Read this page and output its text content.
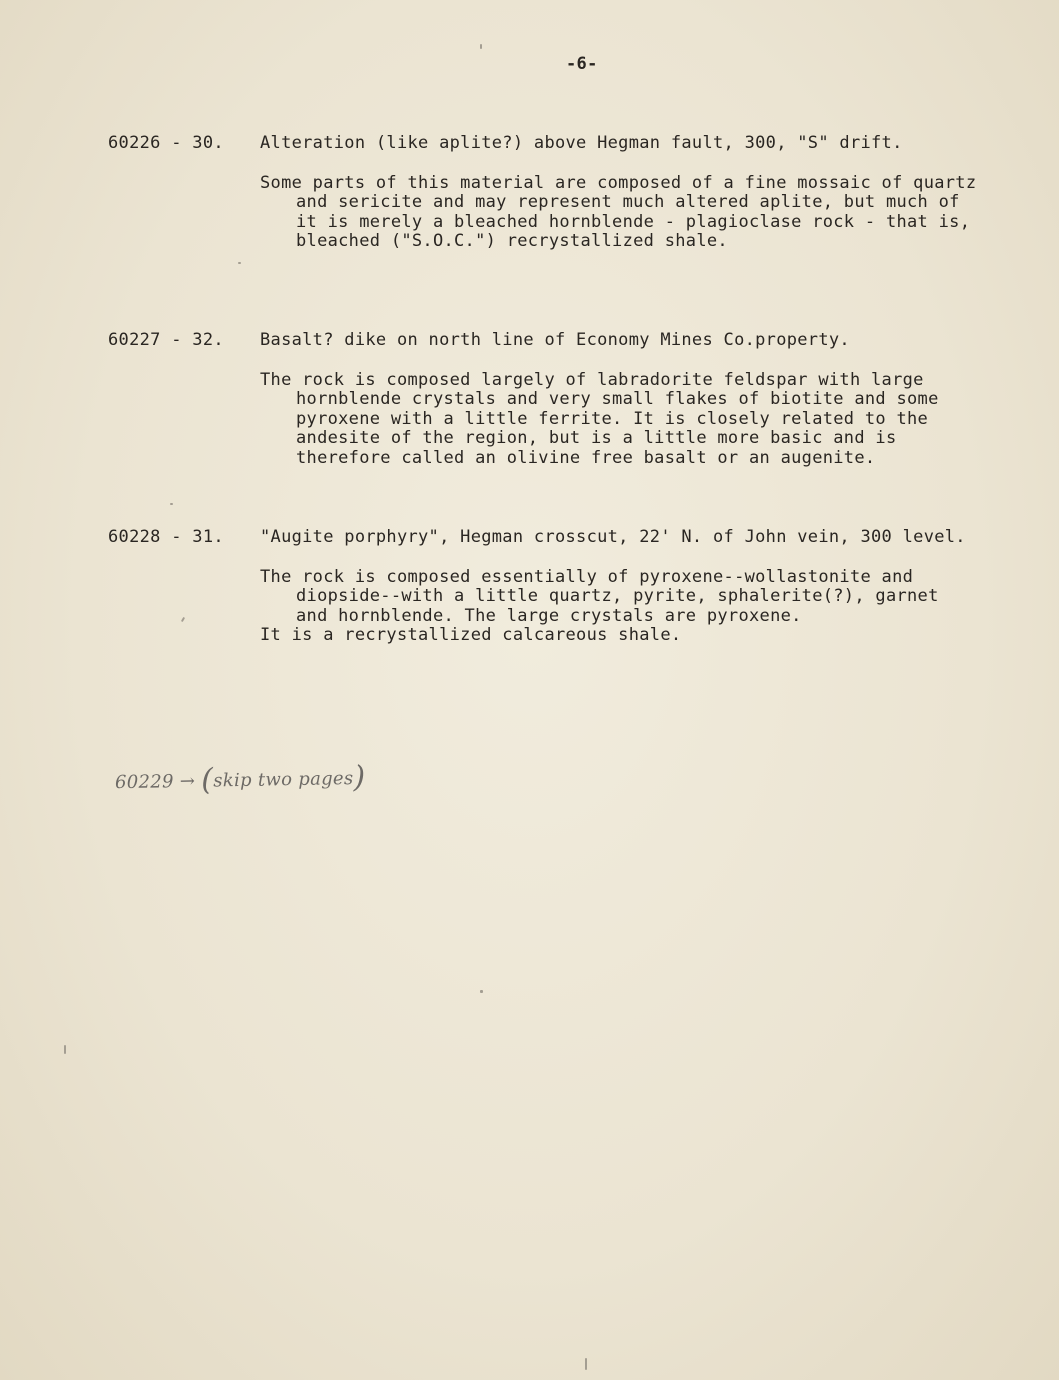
-6-
60226 - 30.	Alteration (like aplite?) above Hegman fault, 300, "S" drift.
Some parts of this material are composed of a fine mossaic of quartz and sericite and may represent much altered aplite, but much of it is merely a bleached hornblende - plagioclase rock - that is, bleached ("S.O.C.") recrystallized shale.
60227 - 32.	Basalt? dike on north line of Economy Mines Co.property.
The rock is composed largely of labradorite feldspar with large hornblende crystals and very small flakes of biotite and some pyroxene with a little ferrite. It is closely related to the andesite of the region, but is a little more basic and is therefore called an olivine free basalt or an augenite.
60228 - 31.	"Augite porphyry", Hegman crosscut, 22' N. of John vein, 300 level.
The rock is composed essentially of pyroxene--wollastonite and diopside--with a little quartz, pyrite, sphalerite(?), garnet and hornblende. The large crystals are pyroxene.
It is a recrystallized calcareous shale.
60229 → (skip two pages)
